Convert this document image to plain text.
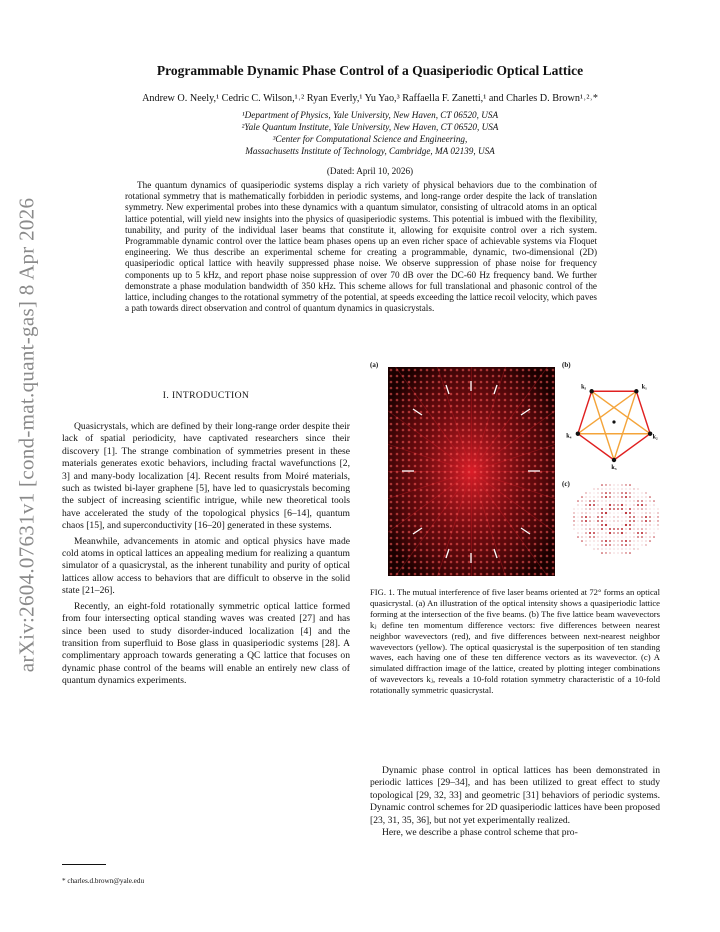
arXiv:2604.07631v1 [cond-mat.quant-gas] 8 Apr 2026
Programmable Dynamic Phase Control of a Quasiperiodic Optical Lattice
Andrew O. Neely,¹ Cedric C. Wilson,¹˒² Ryan Everly,¹ Yu Yao,³ Raffaella F. Zanetti,¹ and Charles D. Brown¹˒²˒*
¹Department of Physics, Yale University, New Haven, CT 06520, USA
²Yale Quantum Institute, Yale University, New Haven, CT 06520, USA
³Center for Computational Science and Engineering,
Massachusetts Institute of Technology, Cambridge, MA 02139, USA
(Dated: April 10, 2026)
The quantum dynamics of quasiperiodic systems display a rich variety of physical behaviors due to the combination of rotational symmetry that is mathematically forbidden in periodic systems, and long-range order despite the lack of translation symmetry. New experimental probes into these dynamics with a quantum simulator, consisting of ultracold atoms in an optical lattice potential, will yield new insights into the physics of quasiperiodic systems. This potential is imbued with the flexibility, tunability, and purity of the individual laser beams that constitute it, allowing for exquisite control over a rich system. Programmable dynamic control over the lattice beam phases opens up an even richer space of achievable systems via Floquet engineering. We thus describe an experimental scheme for creating a programmable, dynamic, two-dimensional (2D) quasiperiodic optical lattice with heavily suppressed phase noise. We observe suppression of phase noise for frequency components up to 5 kHz, and report phase noise suppression of over 70 dB over the DC-60 Hz frequency band. We further demonstrate a phase modulation bandwidth of 350 kHz. This scheme allows for full translational and phasonic control of the lattice, including changes to the rotational symmetry of the potential, at speeds exceeding the lattice recoil velocity, which paves a path towards direct observation and control of quantum dynamics in quasicrystals.
I. INTRODUCTION

Quasicrystals, which are defined by their long-range order despite their lack of spatial periodicity, have captivated researchers since their discovery [1]. The strange combination of symmetries present in these materials generates exotic behaviors, including fractal wavefunctions [2, 3] and many-body localization [4]. Recent results from Moiré materials, such as twisted bi-layer graphene [5], have led to quasicrystals becoming the subject of increasing scientific intrigue, while new theoretical tools have accelerated the study of the topological physics [6–14], quantum chaos [15], and superconductivity [16–20] generated in these systems.

Meanwhile, advancements in atomic and optical physics have made cold atoms in optical lattices an appealing medium for realizing a quantum simulator of a quasicrystal, as the inherent tunability and purity of optical lattices allow access to behaviors that are difficult to observe in the solid state [21–26].

Recently, an eight-fold rotationally symmetric optical lattice formed from four intersecting optical standing waves was created [27] and has since been used to study disorder-induced localization [4] and the transition from superfluid to Bose glass in quasiperiodic systems [28]. A complimentary approach towards generating a QC lattice that focuses on dynamic phase control of the beams will enable an entirely new class of quantum dynamics experiments.

* charles.d.brown@yale.edu
(a)	(b)
(c)
k₁
k₂
k₃
k₄
k₅
FIG. 1. The mutual interference of five laser beams oriented at 72° forms an optical quasicrystal. (a) An illustration of the optical intensity shows a quasiperiodic lattice forming at the intersection of the five beams. (b) The five lattice beam wavevectors kⱼ define ten momentum difference vectors: five differences between nearest neighbor wavevectors (red), and five differences between next-nearest neighbor wavevectors (yellow). The optical quasicrystal is the superposition of ten standing waves, each having one of these ten difference vectors as its wavevector. (c) A simulated diffraction image of the lattice, created by plotting integer combinations of wavevectors kⱼ, reveals a 10-fold rotation symmetry characteristic of a 10-fold rotationally symmetric quasicrystal.

Dynamic phase control in optical lattices has been demonstrated in periodic lattices [29–34], and has been utilized to great effect to study topological [29, 32, 33] and geometric [31] behaviors of periodic systems. Dynamic control schemes for 2D quasiperiodic lattices have been proposed [23, 31, 35, 36], but not yet experimentally realized.

Here, we describe a phase control scheme that pro-
